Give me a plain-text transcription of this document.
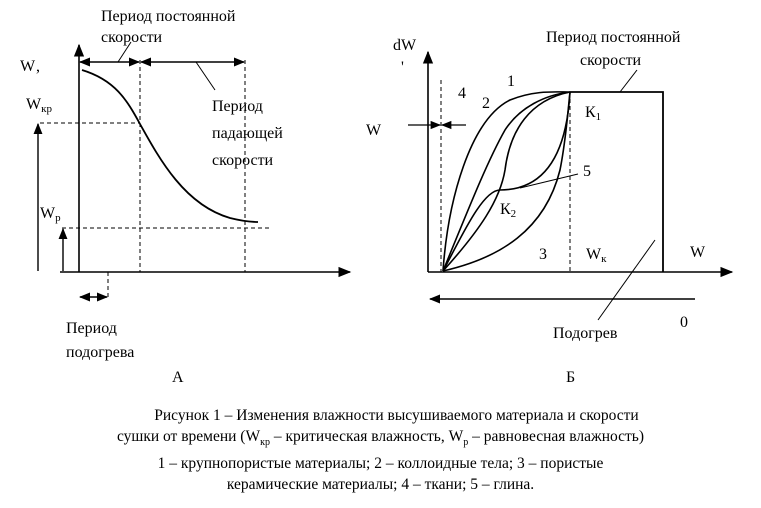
W ,
Wкр
Wр
Период постоянной
скорости
Период
падающей
скорости
Период
подогрева
А
dW
'
W
Период постоянной
скорости
К1
К2
1
4
2
5
3 Wк	W
Подогрев
0
Б
Рисунок 1 – Изменения влажности высушиваемого материала и скорости
сушки от времени ($W_{кр}$ – критическая влажность, $W_р$ – равновесная влажность)
1 – крупнопористые материалы; 2 – коллоидные тела; 3 – пористые
керамические материалы; 4 – ткани; 5 – глина.
